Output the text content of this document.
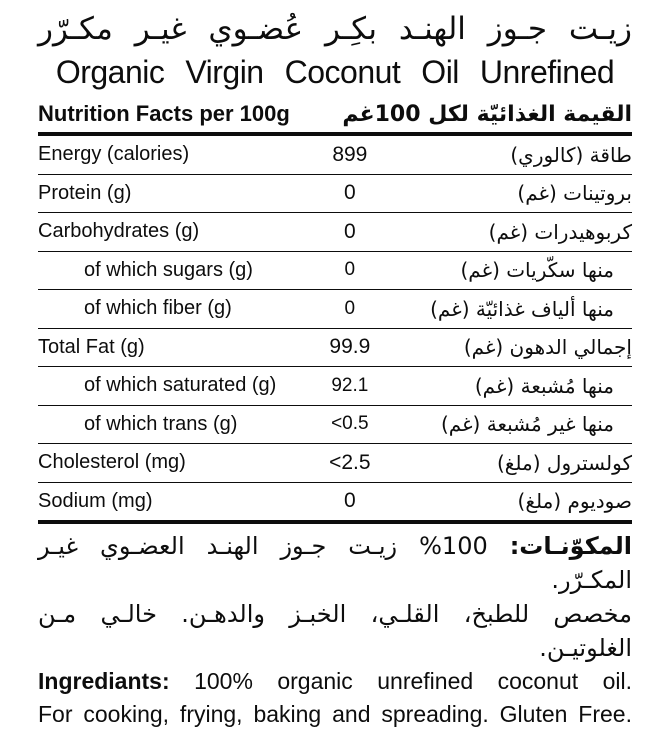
زيـت جـوز الهنـد بكِـر عُضـوي غيـر مكـرّر
Organic Virgin Coconut Oil Unrefined
Nutrition Facts per 100g القيمة الغذائيّة لكل 100غم
Energy (calories)	899	طاقة (كالوري)
Protein (g)	0	بروتينات (غم)
Carbohydrates (g)	0	كربوهيدرات (غم)
of which sugars (g)	0	منها سكّريات (غم)
of which fiber (g)	0	منها ألياف غذائيّة (غم)
Total Fat (g)	99.9	إجمالي الدهون (غم)
of which saturated (g)	92.1	منها مُشبعة (غم)
of which trans (g)	<0.5	منها غير مُشبعة (غم)
Cholesterol (mg)	<2.5	كولسترول (ملغ)
Sodium (mg)	0	صوديوم (ملغ)
المكوّنـات: 100% زيـت جـوز الهنـد العضـوي غيـر المكـرّر.
مخصص للطبخ، القلـي، الخبـز والدهـن. خالـي مـن الغلوتيـن.
Ingrediants: 100% organic unrefined coconut oil.
For cooking, frying, baking and spreading. Gluten Free.
